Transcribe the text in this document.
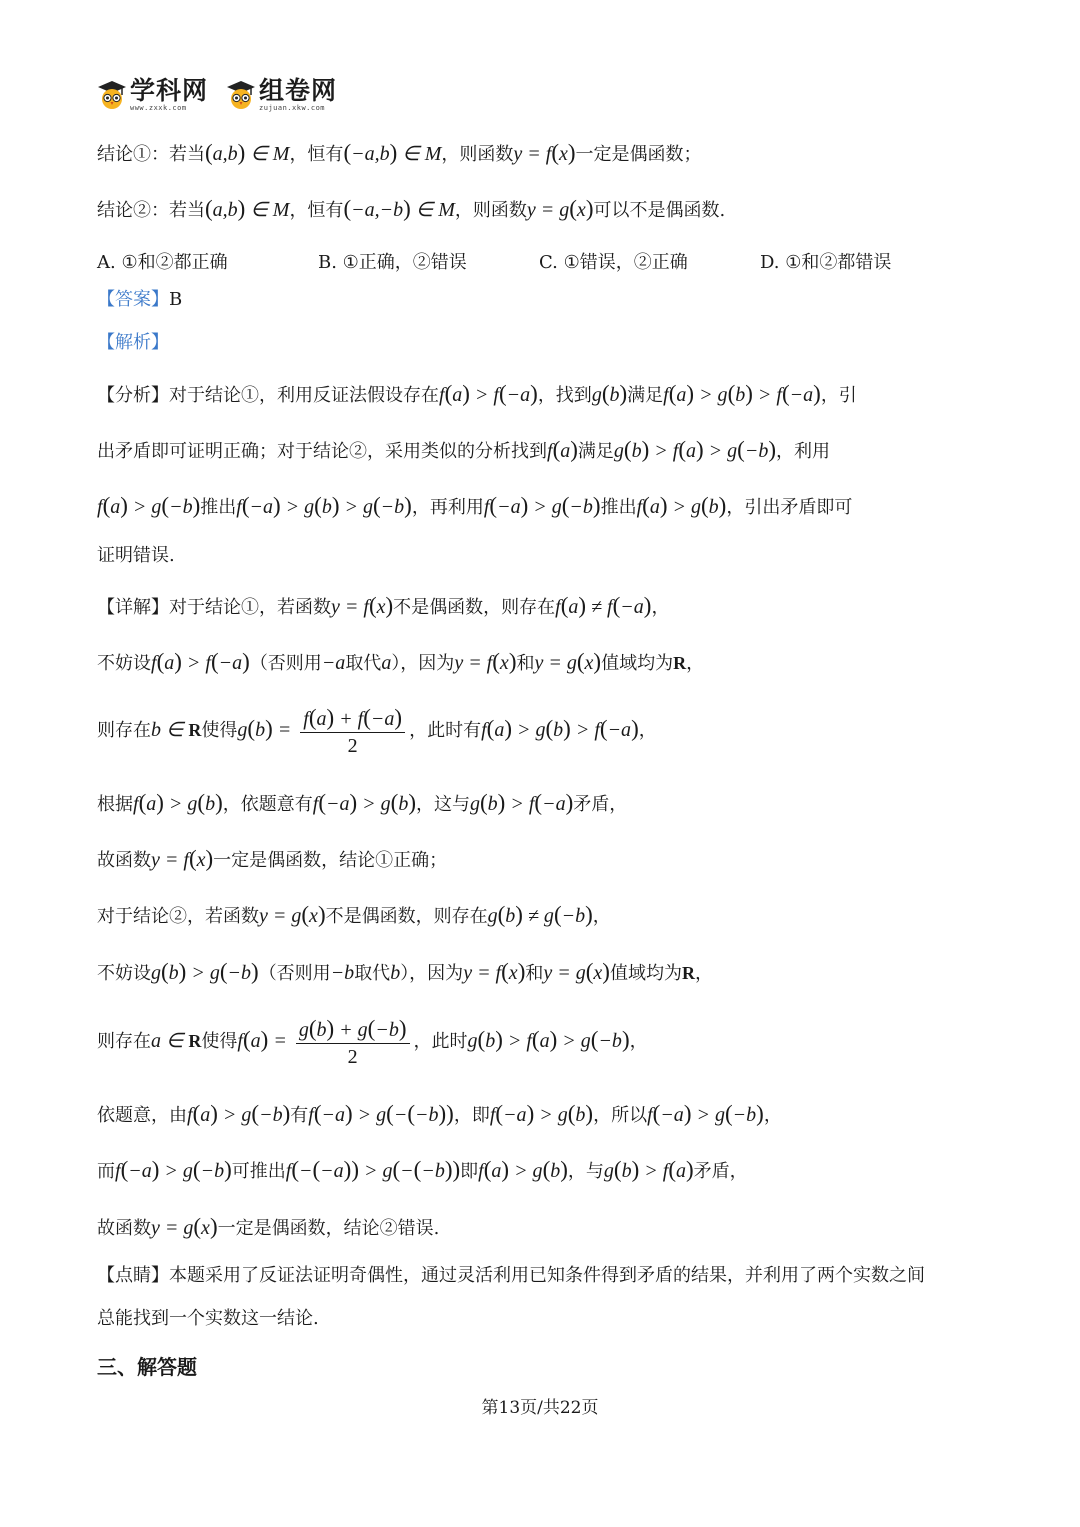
学科网
www.zxxk.com
组卷网
zujuan.xkw.com
结论①：若当(a,b) ∈ M，恒有(−a,b) ∈ M，则函数y = f(x)一定是偶函数；
结论②：若当(a,b) ∈ M，恒有(−a,−b) ∈ M，则函数y = g(x)可以不是偶函数.
A. ①和②都正确	B. ①正确，②错误	C. ①错误，②正确	D. ①和②都错误
【答案】B
【解析】
【分析】对于结论①，利用反证法假设存在f(a) > f(−a)，找到g(b)满足f(a) > g(b) > f(−a)，引
出矛盾即可证明正确；对于结论②，采用类似的分析找到f(a)满足g(b) > f(a) > g(−b)，利用
f(a) > g(−b)推出f(−a) > g(b) > g(−b)，再利用f(−a) > g(−b)推出f(a) > g(b)，引出矛盾即可
证明错误.
【详解】对于结论①，若函数y = f(x)不是偶函数，则存在f(a) ≠ f(−a)，
不妨设f(a) > f(−a)（否则用−a取代a），因为y = f(x)和y = g(x)值域均为R，
则存在b ∈ R使得$g(b) = \frac{f(a) + f(-a)}{2}$ ，此时有f(a) > g(b) > f(−a)，
根据f(a) > g(b)，依题意有f(−a) > g(b)，这与g(b) > f(−a)矛盾，
故函数y = f(x)一定是偶函数，结论①正确；
对于结论②，若函数y = g(x)不是偶函数，则存在g(b) ≠ g(−b)，
不妨设g(b) > g(−b)（否则用−b取代b），因为y = f(x)和y = g(x)值域均为R，
则存在a ∈ R使得$f(a) = \frac{g(b) + g(-b)}{2}$ ，此时g(b) > f(a) > g(−b)，
依题意，由f(a) > g(−b)有f(−a) > g(−(−b))，即f(−a) > g(b)，所以f(−a) > g(−b)，
而f(−a) > g(−b)可推出f(−(−a)) > g(−(−b))即f(a) > g(b)，与g(b) > f(a)矛盾，
故函数y = g(x)一定是偶函数，结论②错误.
【点睛】本题采用了反证法证明奇偶性，通过灵活利用已知条件得到矛盾的结果，并利用了两个实数之间
总能找到一个实数这一结论.
三、解答题
第13页/共22页
